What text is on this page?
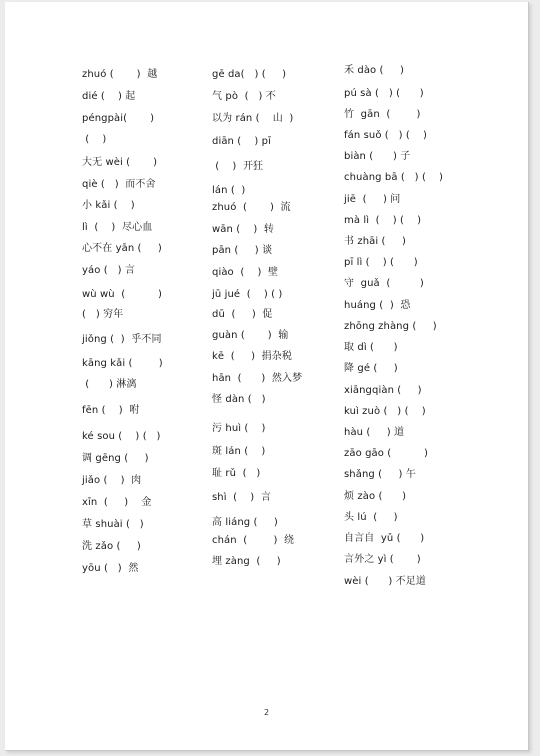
zhuó (       )  越
dié (    ) 起
péngpài(       )
(    )
大无 wèi (       )
qiè (   )  而不舍
小 kǎi (    )
lì  (    )  尽心血
心不在 yān (     )
yáo (   ) 言
wù wù  (          )
(   ) 穷年
jiǒng (  )  乎不同
kāng kǎi (        )
(      ) 淋漓
fēn (    )  咐
ké sou (    ) (   )
调 gēng (     )
jiǎo (    )  肉
xīn  (     )    金
草 shuài (   )
洗 zǎo (     )
yōu (   )  然
gē da(   ) (     )
气 pò  (   ) 不
以为 rán (    山  )
diān (    ) pī
(    )  开狂
lán (  )
zhuó  (       )  流
wān (    )  转
pān (     ) 谈
qiào  (    )  壁
jū jué  (    ) ( )
dū  (     )  促
guàn (       )  输
kē  (     )  捐杂税
hān  (      )  然入梦
怪 dàn (   )
污 huì (    )
斑 lán (    )
耻 rǔ  (   )
shì  (    )  言
高 liáng (     )
chán  (        )  绕
埋 zàng  (     )
禾 dào (     )
pú sà (   ) (      )
竹  gān  (        )
fán suǒ (   ) (    )
biàn (      ) 子
chuàng bā (   ) (    )
jiē  (     ) 问
mà lì  (    ) (    )
书 zhāi (     )
pī lì (    ) (      )
守  guǎ  (         )
huáng (  )  恐
zhōng zhàng (     )
取 dì (      )
降 gé (     )
xiāngqiàn (     )
kuì zuò (   ) (    )
hàu (     ) 道
zāo gāo (          )
shǎng (     ) 午
烦 zào (      )
头 lú  (     )
自言自  yǔ (      )
言外之 yì (       )
wèi (      ) 不足道
2
